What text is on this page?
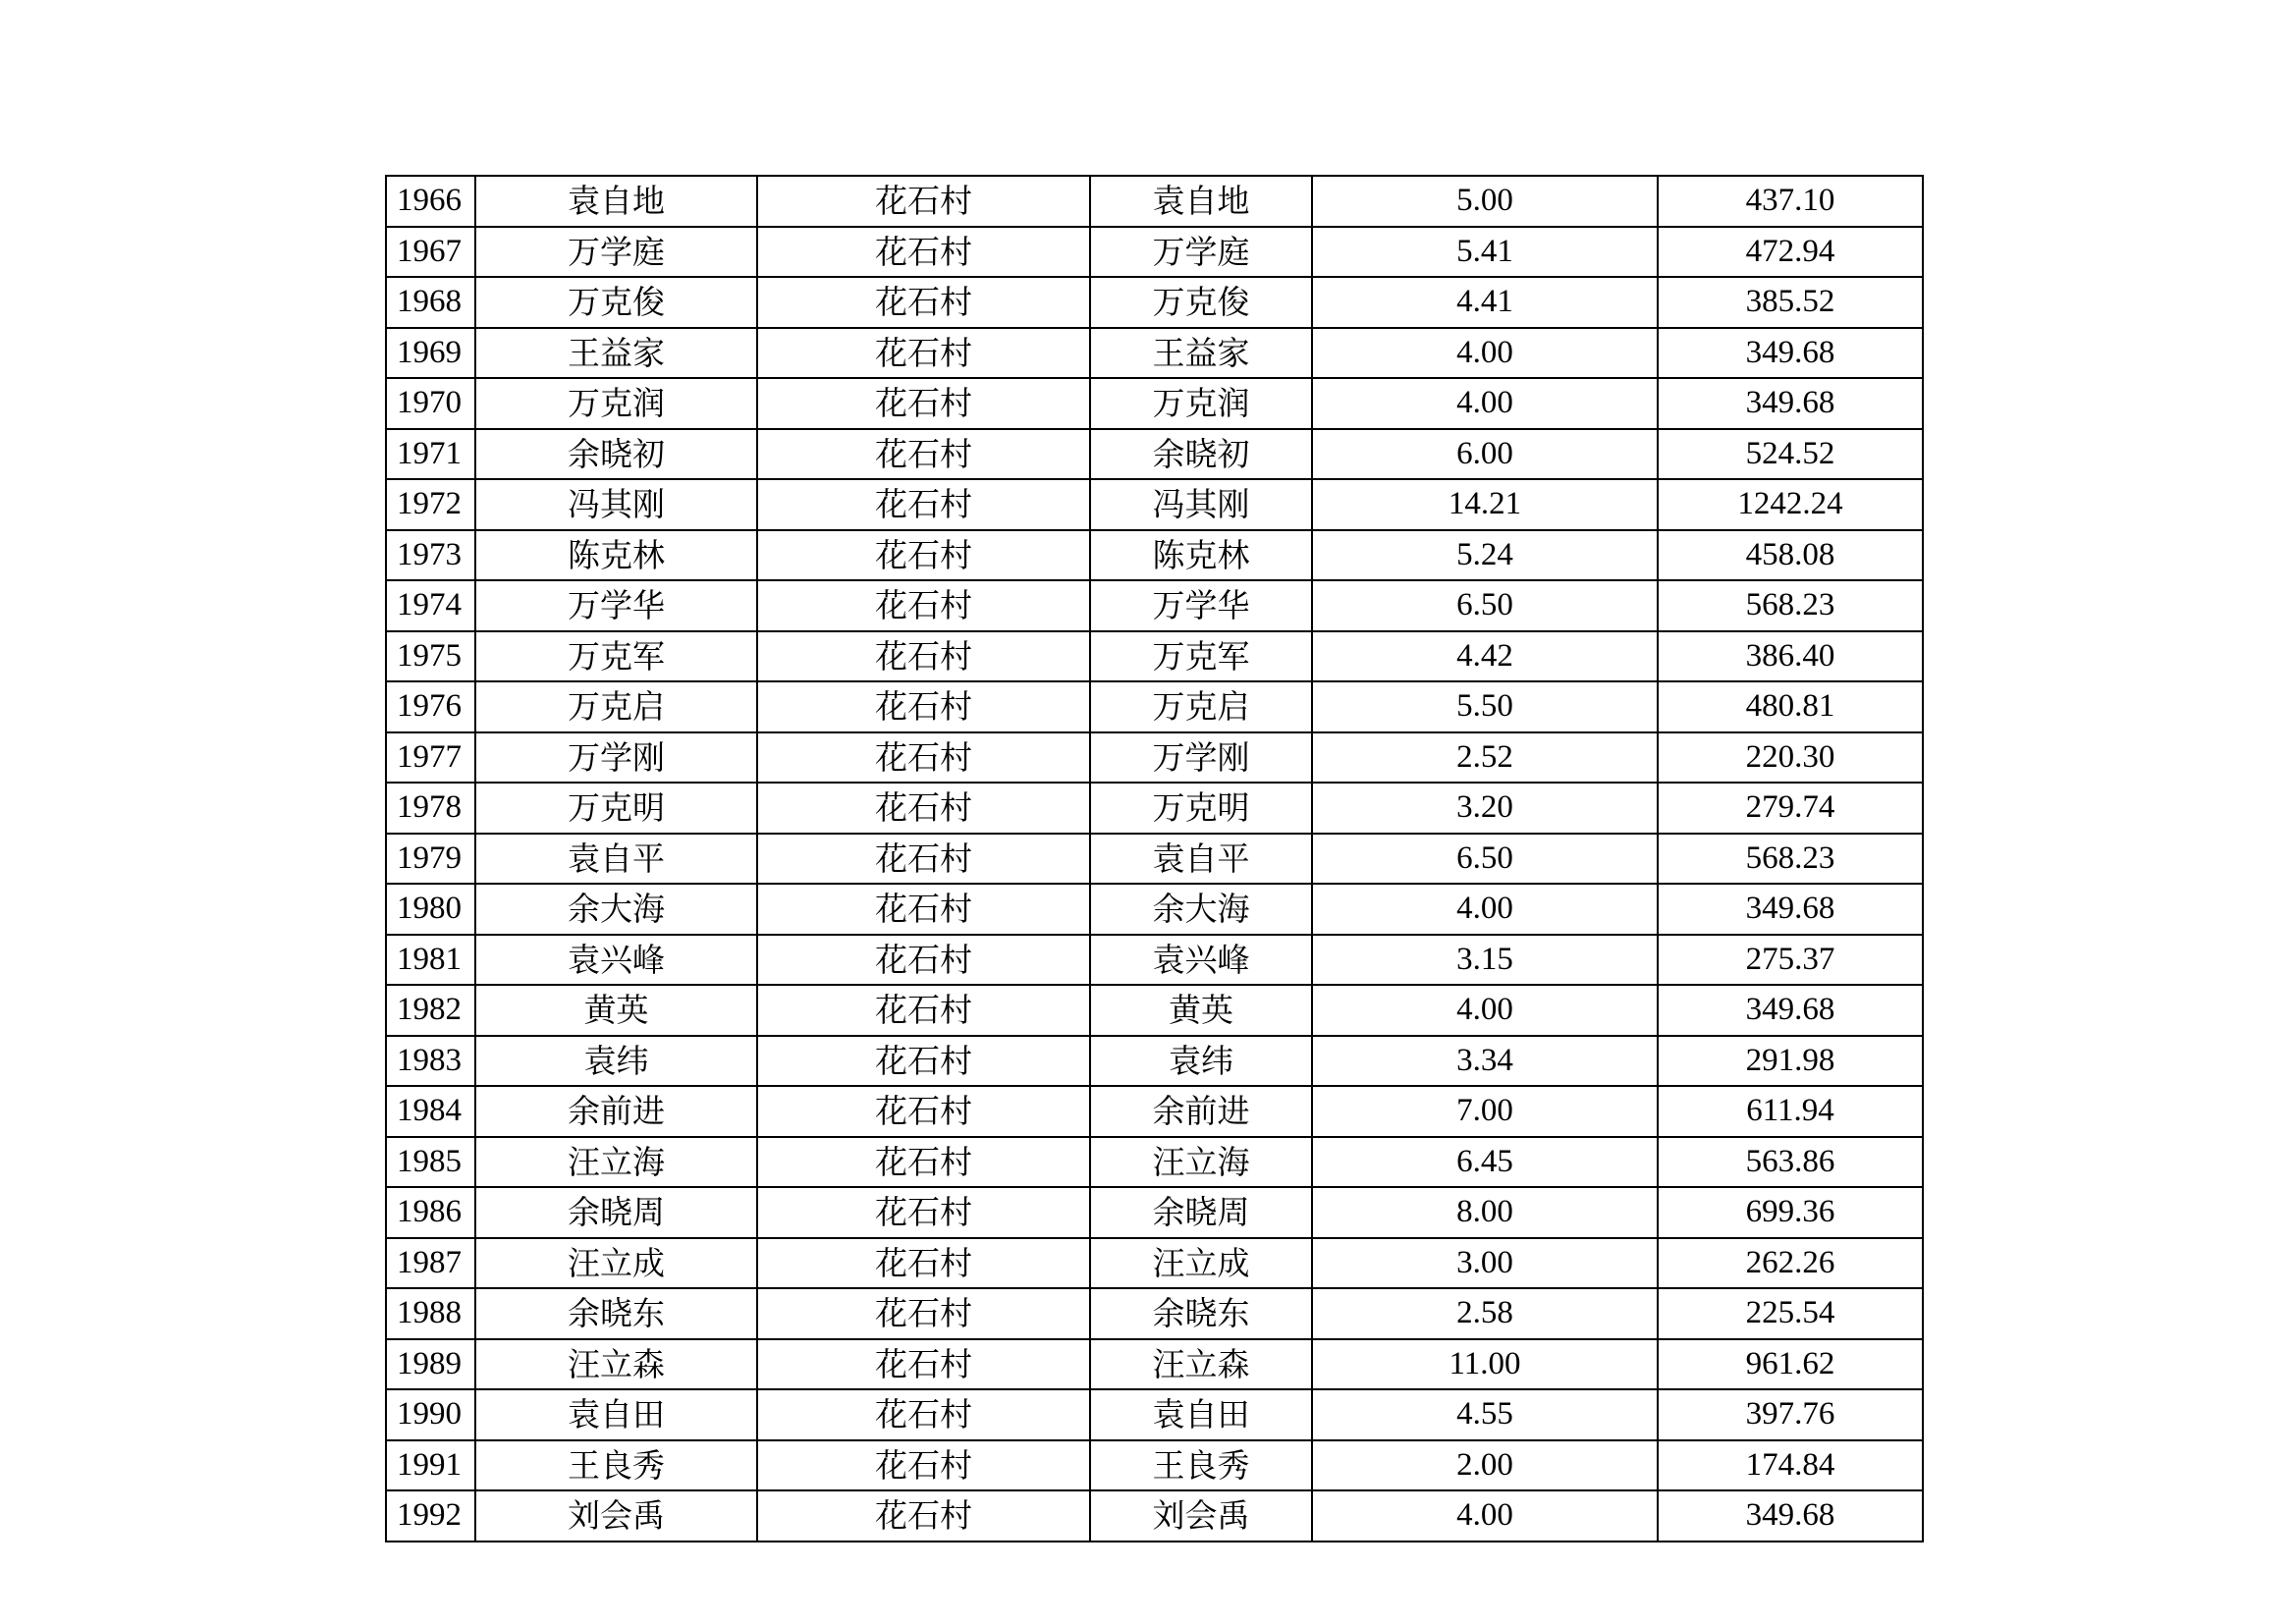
1966	袁自地	花石村	袁自地	5.00	437.10
1967	万学庭	花石村	万学庭	5.41	472.94
1968	万克俊	花石村	万克俊	4.41	385.52
1969	王益家	花石村	王益家	4.00	349.68
1970	万克润	花石村	万克润	4.00	349.68
1971	余晓初	花石村	余晓初	6.00	524.52
1972	冯其刚	花石村	冯其刚	14.21	1242.24
1973	陈克林	花石村	陈克林	5.24	458.08
1974	万学华	花石村	万学华	6.50	568.23
1975	万克军	花石村	万克军	4.42	386.40
1976	万克启	花石村	万克启	5.50	480.81
1977	万学刚	花石村	万学刚	2.52	220.30
1978	万克明	花石村	万克明	3.20	279.74
1979	袁自平	花石村	袁自平	6.50	568.23
1980	余大海	花石村	余大海	4.00	349.68
1981	袁兴峰	花石村	袁兴峰	3.15	275.37
1982	黄英	花石村	黄英	4.00	349.68
1983	袁纬	花石村	袁纬	3.34	291.98
1984	余前进	花石村	余前进	7.00	611.94
1985	汪立海	花石村	汪立海	6.45	563.86
1986	余晓周	花石村	余晓周	8.00	699.36
1987	汪立成	花石村	汪立成	3.00	262.26
1988	余晓东	花石村	余晓东	2.58	225.54
1989	汪立森	花石村	汪立森	11.00	961.62
1990	袁自田	花石村	袁自田	4.55	397.76
1991	王良秀	花石村	王良秀	2.00	174.84
1992	刘会禹	花石村	刘会禹	4.00	349.68
